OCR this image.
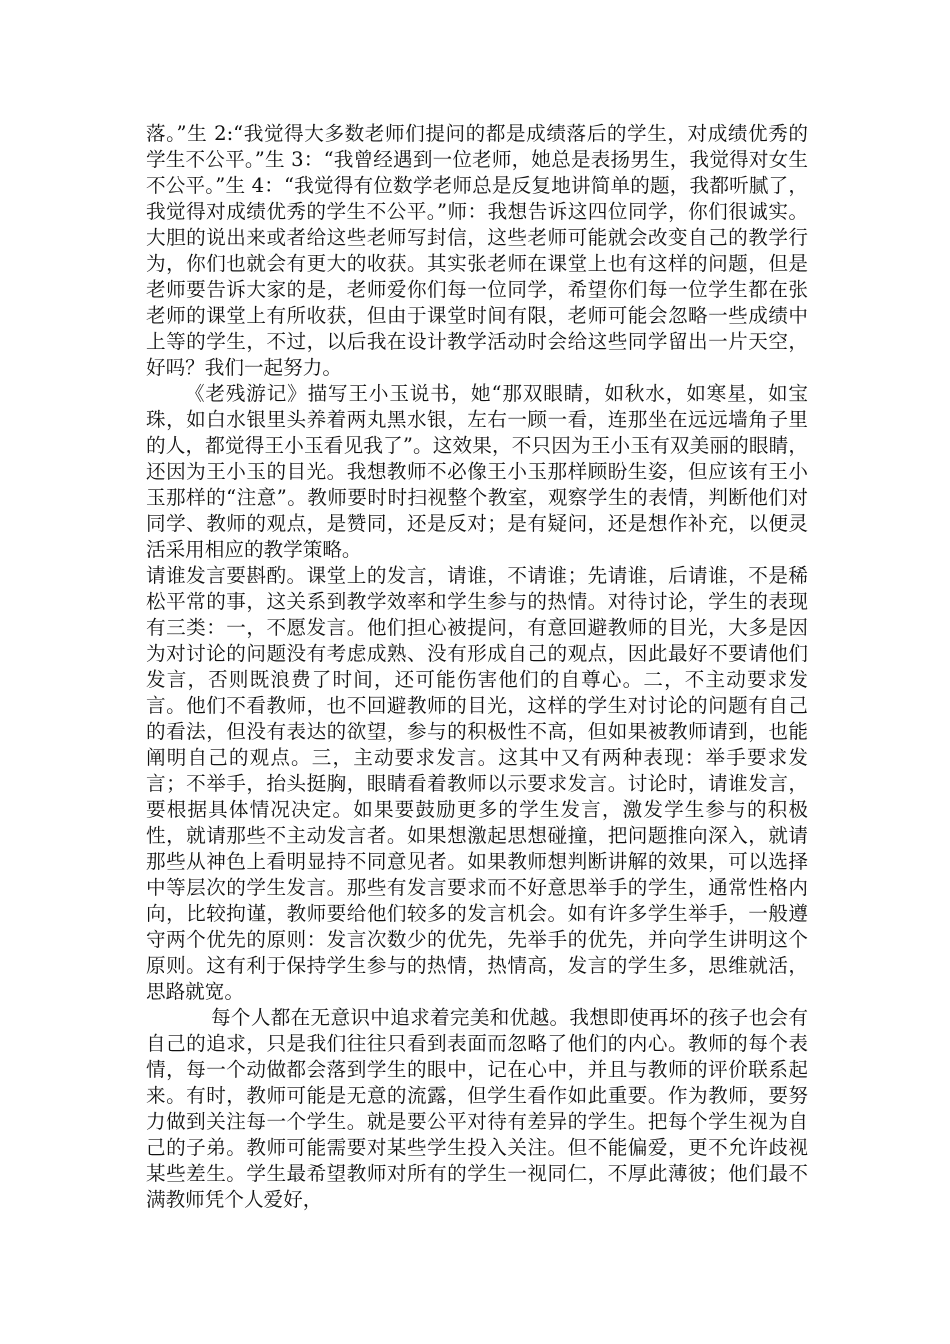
落。”生 2:“我觉得大多数老师们提问的都是成绩落后的学生，对成绩优秀的学生不公平。”生 3：“我曾经遇到一位老师，她总是表扬男生，我觉得对女生不公平。”生 4：“我觉得有位数学老师总是反复地讲简单的题，我都听腻了，我觉得对成绩优秀的学生不公平。”师：我想告诉这四位同学，你们很诚实。大胆的说出来或者给这些老师写封信，这些老师可能就会改变自己的教学行为，你们也就会有更大的收获。其实张老师在课堂上也有这样的问题，但是老师要告诉大家的是，老师爱你们每一位同学，希望你们每一位学生都在张老师的课堂上有所收获，但由于课堂时间有限，老师可能会忽略一些成绩中上等的学生，不过，以后我在设计教学活动时会给这些同学留出一片天空，好吗？我们一起努力。

《老残游记》描写王小玉说书，她“那双眼睛，如秋水，如寒星，如宝珠，如白水银里头养着两丸黑水银，左右一顾一看，连那坐在远远墙角子里的人，都觉得王小玉看见我了”。这效果，不只因为王小玉有双美丽的眼睛，还因为王小玉的目光。我想教师不必像王小玉那样顾盼生姿，但应该有王小玉那样的“注意”。教师要时时扫视整个教室，观察学生的表情，判断他们对同学、教师的观点，是赞同，还是反对；是有疑问，还是想作补充，以便灵活采用相应的教学策略。

请谁发言要斟酌。课堂上的发言，请谁，不请谁；先请谁，后请谁，不是稀松平常的事，这关系到教学效率和学生参与的热情。对待讨论，学生的表现有三类：一，不愿发言。他们担心被提问，有意回避教师的目光，大多是因为对讨论的问题没有考虑成熟、没有形成自己的观点，因此最好不要请他们发言，否则既浪费了时间，还可能伤害他们的自尊心。二，不主动要求发言。他们不看教师，也不回避教师的目光，这样的学生对讨论的问题有自己的看法，但没有表达的欲望，参与的积极性不高，但如果被教师请到，也能阐明自己的观点。三，主动要求发言。这其中又有两种表现：举手要求发言；不举手，抬头挺胸，眼睛看着教师以示要求发言。讨论时，请谁发言，要根据具体情况决定。如果要鼓励更多的学生发言，激发学生参与的积极性，就请那些不主动发言者。如果想激起思想碰撞，把问题推向深入，就请那些从神色上看明显持不同意见者。如果教师想判断讲解的效果，可以选择中等层次的学生发言。那些有发言要求而不好意思举手的学生，通常性格内向，比较拘谨，教师要给他们较多的发言机会。如有许多学生举手，一般遵守两个优先的原则：发言次数少的优先，先举手的优先，并向学生讲明这个原则。这有利于保持学生参与的热情，热情高，发言的学生多，思维就活，思路就宽。

每个人都在无意识中追求着完美和优越。我想即使再坏的孩子也会有自己的追求，只是我们往往只看到表面而忽略了他们的内心。教师的每个表情，每一个动做都会落到学生的眼中，记在心中，并且与教师的评价联系起来。有时，教师可能是无意的流露，但学生看作如此重要。作为教师，要努力做到关注每一个学生。就是要公平对待有差异的学生。把每个学生视为自己的子弟。教师可能需要对某些学生投入关注。但不能偏爱，更不允许歧视某些差生。学生最希望教师对所有的学生一视同仁，不厚此薄彼；他们最不满教师凭个人爱好，
